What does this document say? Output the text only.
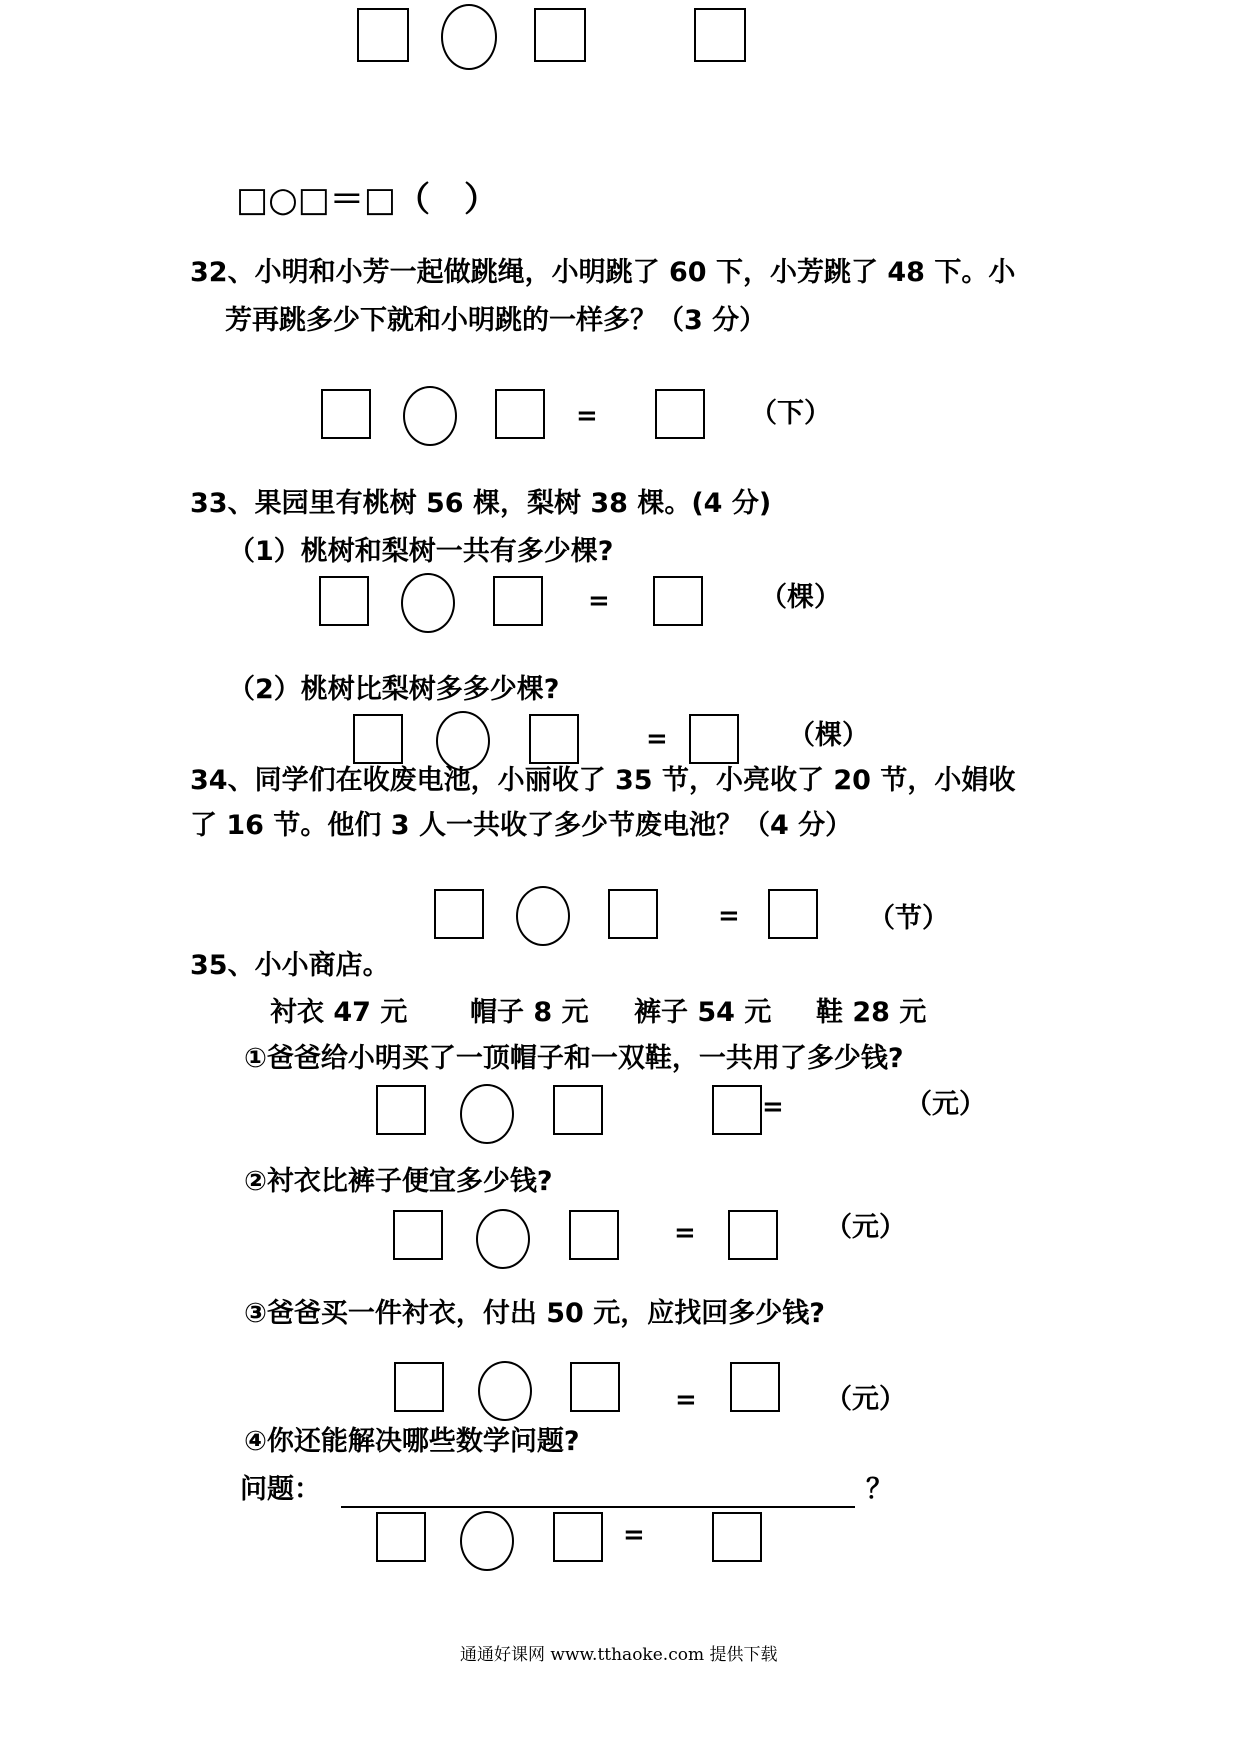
□○□＝□（　）
32、小明和小芳一起做跳绳，小明跳了 60 下，小芳跳了 48 下。小
芳再跳多少下就和小明跳的一样多？（3 分）
=	（下）
33、果园里有桃树 56 棵，梨树 38 棵。(4 分)
（1）桃树和梨树一共有多少棵?
=	（棵）
（2）桃树比梨树多多少棵?
=	（棵）
34、同学们在收废电池，小丽收了 35 节，小亮收了 20 节，小娟收
了 16 节。他们 3 人一共收了多少节废电池？（4 分）
=	（节）
35、小小商店。
衬衣 47 元 帽子 8 元 裤子 54 元 鞋 28 元
①爸爸给小明买了一顶帽子和一双鞋，一共用了多少钱?
=	（元）
②衬衣比裤子便宜多少钱?
=	（元）
③爸爸买一件衬衣，付出 50 元，应找回多少钱?
=	（元）
④你还能解决哪些数学问题?
问题：	？
=
通通好课网 www.tthaoke.com 提供下载
